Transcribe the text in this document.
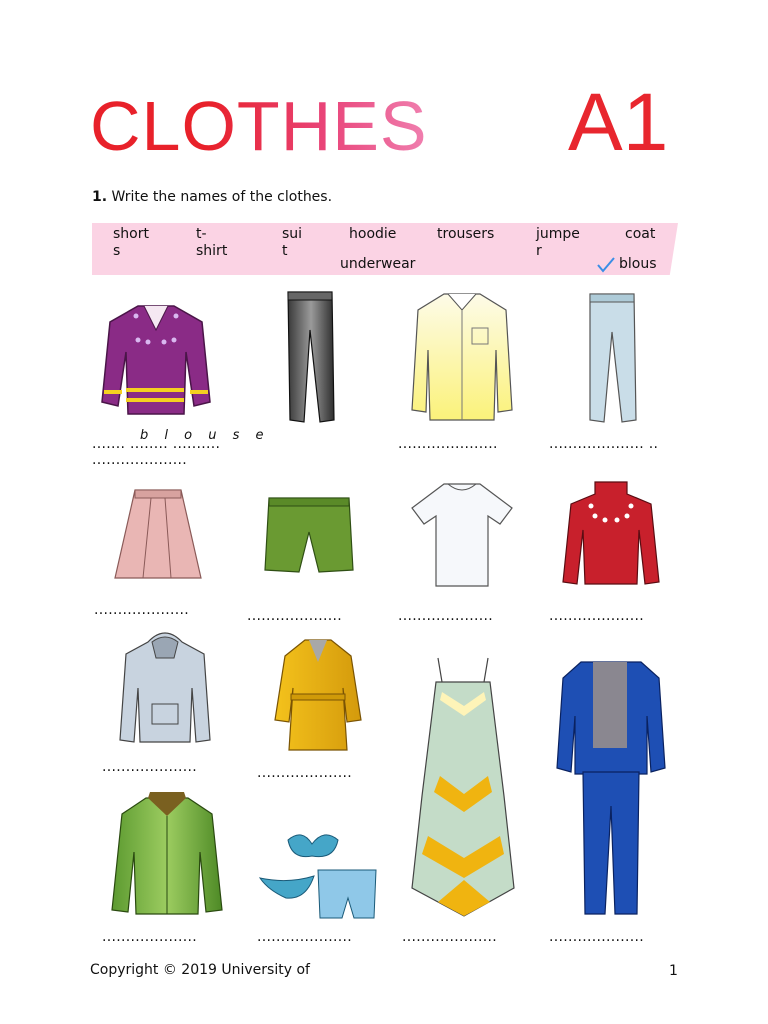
CLOTHES A1
1. Write the names of the clothes.
short
s
t-
shirt
sui
t
hoodie	trousers	jumpe
r
coat
underwear	blous
b l o u s e
....... ........ ..........
....................
.....................	.................... ..
....................	....................	....................	....................
....................	....................
....................	....................	....................	....................
Copyright © 2019 University of	1
